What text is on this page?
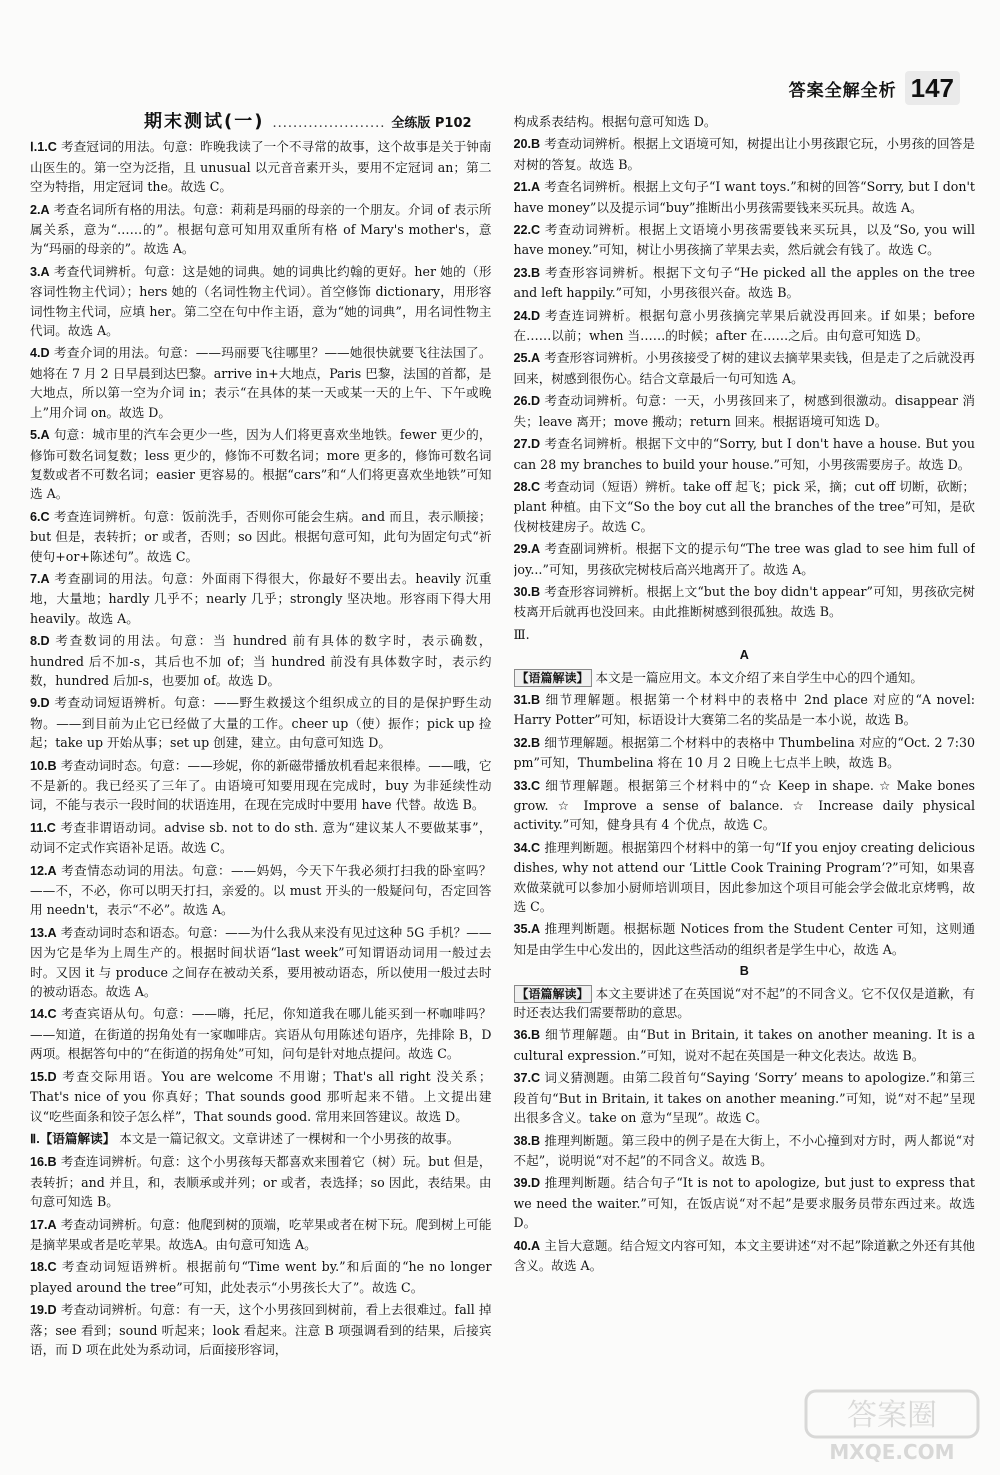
答案全解全析 147
期末测试(一) ...................... 全练版 P102
Ⅰ.1.C 考查冠词的用法。句意：昨晚我读了一个不寻常的故事，这个故事是关于钟南山医生的。第一空为泛指，且 unusual 以元音音素开头，要用不定冠词 an；第二空为特指，用定冠词 the。故选 C。
2.A 考查名词所有格的用法。句意：莉莉是玛丽的母亲的一个朋友。介词 of 表示所属关系，意为“……的”。根据句意可知用双重所有格 of Mary's mother's，意为“玛丽的母亲的”。故选 A。
3.A 考查代词辨析。句意：这是她的词典。她的词典比约翰的更好。her 她的（形容词性物主代词）；hers 她的（名词性物主代词）。首空修饰 dictionary，用形容词性物主代词，应填 her。第二空在句中作主语，意为“她的词典”，用名词性物主代词。故选 A。
4.D 考查介词的用法。句意：——玛丽要飞往哪里？——她很快就要飞往法国了。她将在 7 月 2 日早晨到达巴黎。arrive in+大地点，Paris 巴黎，法国的首都，是大地点，所以第一空为介词 in；表示“在具体的某一天或某一天的上午、下午或晚上”用介词 on。故选 D。
5.A 句意：城市里的汽车会更少一些，因为人们将更喜欢坐地铁。fewer 更少的，修饰可数名词复数；less 更少的，修饰不可数名词；more 更多的，修饰可数名词复数或者不可数名词；easier 更容易的。根据“cars”和“人们将更喜欢坐地铁”可知选 A。
6.C 考查连词辨析。句意：饭前洗手，否则你可能会生病。and 而且，表示顺接；but 但是，表转折；or 或者，否则；so 因此。根据句意可知，此句为固定句式“祈使句+or+陈述句”。故选 C。
7.A 考查副词的用法。句意：外面雨下得很大，你最好不要出去。heavily 沉重地，大量地；hardly 几乎不；nearly 几乎；strongly 坚决地。形容雨下得大用 heavily。故选 A。
8.D 考查数词的用法。句意：当 hundred 前有具体的数字时，表示确数，hundred 后不加-s，其后也不加 of；当 hundred 前没有具体数字时，表示约数，hundred 后加-s，也要加 of。故选 D。
9.D 考查动词短语辨析。句意：——野生救援这个组织成立的目的是保护野生动物。——到目前为止它已经做了大量的工作。cheer up（使）振作；pick up 捡起；take up 开始从事；set up 创建，建立。由句意可知选 D。
10.B 考查动词时态。句意：——珍妮，你的新磁带播放机看起来很棒。——哦，它不是新的。我已经买了三年了。由语境可知要用现在完成时，buy 为非延续性动词，不能与表示一段时间的状语连用，在现在完成时中要用 have 代替。故选 B。
11.C 考查非谓语动词。advise sb. not to do sth. 意为“建议某人不要做某事”，动词不定式作宾语补足语。故选 C。
12.A 考查情态动词的用法。句意：——妈妈，今天下午我必须打扫我的卧室吗？——不，不必，你可以明天打扫，亲爱的。以 must 开头的一般疑问句，否定回答用 needn't，表示“不必”。故选 A。
13.A 考查动词时态和语态。句意：——为什么我从来没有见过这种 5G 手机？——因为它是华为上周生产的。根据时间状语“last week”可知谓语动词用一般过去时。又因 it 与 produce 之间存在被动关系，要用被动语态，所以使用一般过去时的被动语态。故选 A。
14.C 考查宾语从句。句意：——嗨，托尼，你知道我在哪儿能买到一杯咖啡吗？——知道，在街道的拐角处有一家咖啡店。宾语从句用陈述句语序，先排除 B，D 两项。根据答句中的“在街道的拐角处”可知，问句是针对地点提问。故选 C。
15.D 考查交际用语。You are welcome 不用谢；That's all right 没关系；That's nice of you 你真好；That sounds good 那听起来不错。上文提出建议“吃些面条和饺子怎么样”，That sounds good. 常用来回答建议。故选 D。
Ⅱ.【语篇解读】 本文是一篇记叙文。文章讲述了一棵树和一个小男孩的故事。
16.B 考查连词辨析。句意：这个小男孩每天都喜欢来围着它（树）玩。but 但是，表转折；and 并且，和，表顺承或并列；or 或者，表选择；so 因此，表结果。由句意可知选 B。
17.A 考查动词辨析。句意：他爬到树的顶端，吃苹果或者在树下玩。爬到树上可能是摘苹果或者是吃苹果。故选A。由句意可知选 A。
18.C 考查动词短语辨析。根据前句“Time went by.”和后面的“he no longer played around the tree”可知，此处表示“小男孩长大了”。故选 C。
19.D 考查动词辨析。句意：有一天，这个小男孩回到树前，看上去很难过。fall 掉落；see 看到；sound 听起来；look 看起来。注意 B 项强调看到的结果，后接宾语，而 D 项在此处为系动词，后面接形容词，
构成系表结构。根据句意可知选 D。
20.B 考查动词辨析。根据上文语境可知，树提出让小男孩跟它玩，小男孩的回答是对树的答复。故选 B。
21.A 考查名词辨析。根据上文句子“I want toys.”和树的回答“Sorry, but I don't have money”以及提示词“buy”推断出小男孩需要钱来买玩具。故选 A。
22.C 考查动词辨析。根据上文语境小男孩需要钱来买玩具，以及“So, you will have money.”可知，树让小男孩摘了苹果去卖，然后就会有钱了。故选 C。
23.B 考查形容词辨析。根据下文句子“He picked all the apples on the tree and left happily.”可知，小男孩很兴奋。故选 B。
24.D 考查连词辨析。根据句意小男孩摘完苹果后就没再回来。if 如果；before 在……以前；when 当……的时候；after 在……之后。由句意可知选 D。
25.A 考查形容词辨析。小男孩接受了树的建议去摘苹果卖钱，但是走了之后就没再回来，树感到很伤心。结合文章最后一句可知选 A。
26.D 考查动词辨析。句意：一天，小男孩回来了，树感到很激动。disappear 消失；leave 离开；move 搬动；return 回来。根据语境可知选 D。
27.D 考查名词辨析。根据下文中的“Sorry, but I don't have a house. But you can 28 my branches to build your house.”可知，小男孩需要房子。故选 D。
28.C 考查动词（短语）辨析。take off 起飞；pick 采，摘；cut off 切断，砍断；plant 种植。由下文“So the boy cut all the branches of the tree”可知，是砍伐树枝建房子。故选 C。
29.A 考查副词辨析。根据下文的提示句“The tree was glad to see him full of joy...”可知，男孩砍完树枝后高兴地离开了。故选 A。
30.B 考查形容词辨析。根据上文“but the boy didn't appear”可知，男孩砍完树枝离开后就再也没回来。由此推断树感到很孤独。故选 B。
Ⅲ.
A
【语篇解读】 本文是一篇应用文。本文介绍了来自学生中心的四个通知。
31.B 细节理解题。根据第一个材料中的表格中 2nd place 对应的“A novel: Harry Potter”可知，标语设计大赛第二名的奖品是一本小说，故选 B。
32.B 细节理解题。根据第二个材料中的表格中 Thumbelina 对应的“Oct. 2 7:30 pm”可知，Thumbelina 将在 10 月 2 日晚上七点半上映，故选 B。
33.C 细节理解题。根据第三个材料中的“☆ Keep in shape. ☆ Make bones grow. ☆ Improve a sense of balance. ☆ Increase daily physical activity.”可知，健身具有 4 个优点，故选 C。
34.C 推理判断题。根据第四个材料中的第一句“If you enjoy creating delicious dishes, why not attend our ‘Little Cook Training Program’?”可知，如果喜欢做菜就可以参加小厨师培训项目，因此参加这个项目可能会学会做北京烤鸭，故选 C。
35.A 推理判断题。根据标题 Notices from the Student Center 可知，这则通知是由学生中心发出的，因此这些活动的组织者是学生中心，故选 A。
B
【语篇解读】 本文主要讲述了在英国说“对不起”的不同含义。它不仅仅是道歉，有时还表达我们需要帮助的意思。
36.B 细节理解题。由“But in Britain, it takes on another meaning. It is a cultural expression.”可知，说对不起在英国是一种文化表达。故选 B。
37.C 词义猜测题。由第二段首句“Saying ‘Sorry’ means to apologize.”和第三段首句“But in Britain, it takes on another meaning.”可知，说“对不起”呈现出很多含义。take on 意为“呈现”。故选 C。
38.B 推理判断题。第三段中的例子是在大街上，不小心撞到对方时，两人都说“对不起”，说明说“对不起”的不同含义。故选 B。
39.D 推理判断题。结合句子“It is not to apologize, but just to express that we need the waiter.”可知，在饭店说“对不起”是要求服务员带东西过来。故选 D。
40.A 主旨大意题。结合短文内容可知，本文主要讲述“对不起”除道歉之外还有其他含义。故选 A。
答案圈
MXQE.COM
